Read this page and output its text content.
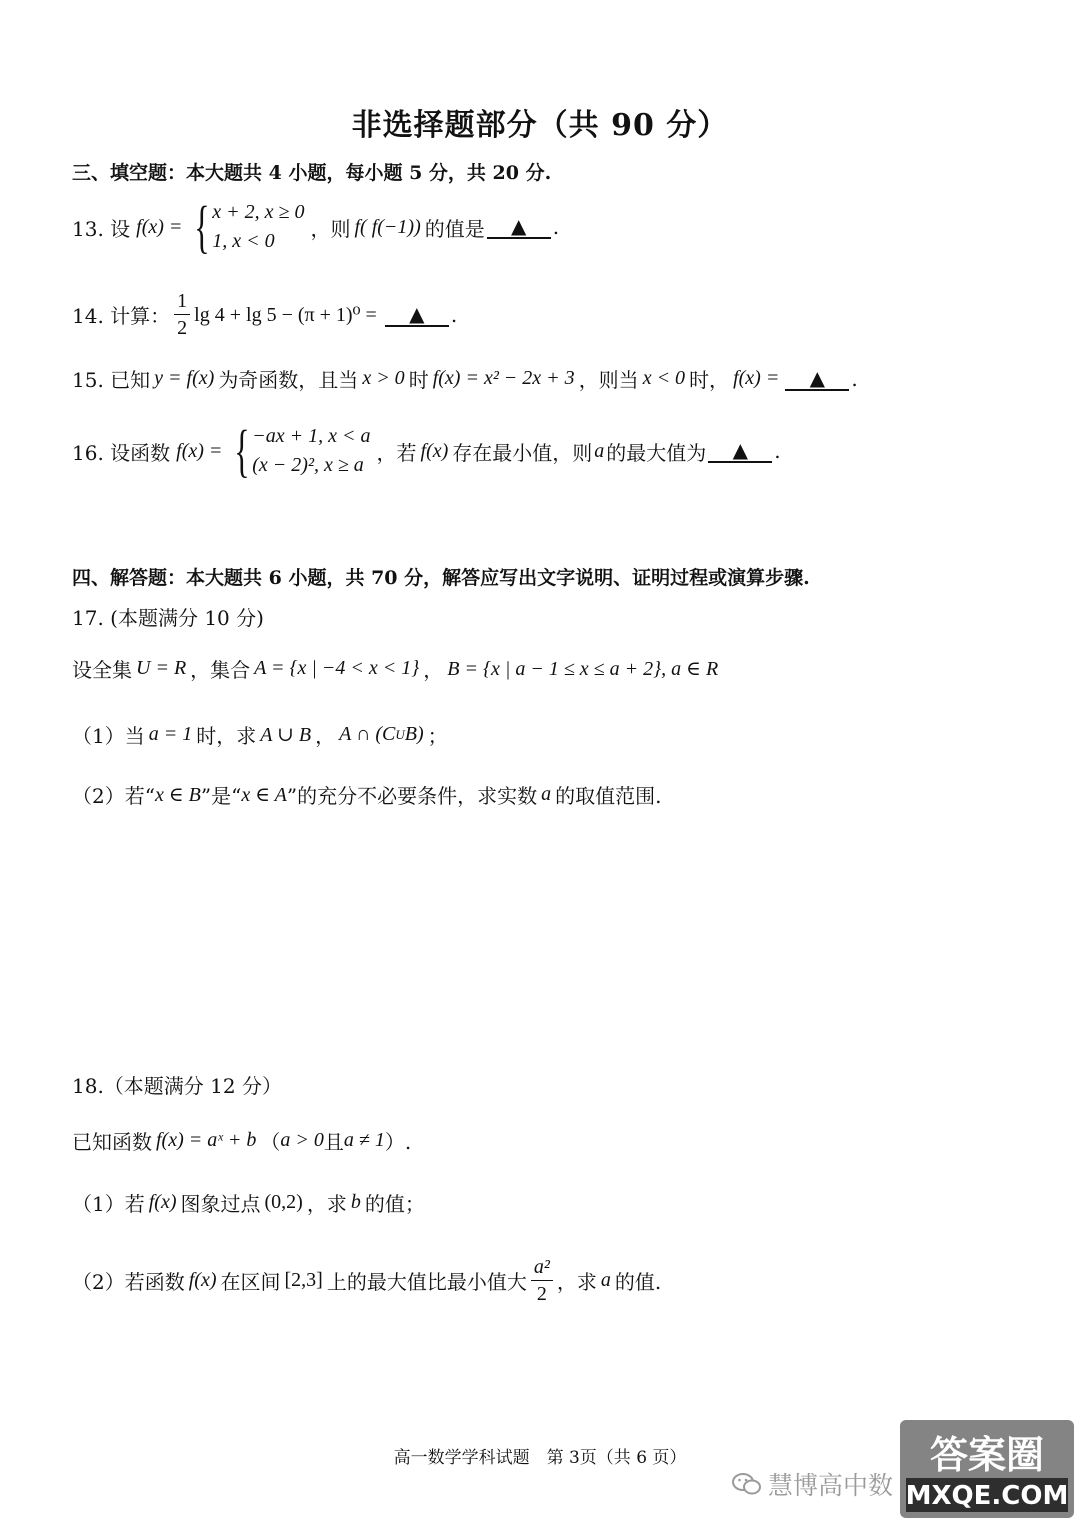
非选择题部分（共 90 分）
三、填空题：本大题共 4 小题，每小题 5 分，共 20 分.
13. 设 f(x) = { x + 2, x ≥ 0
1, x < 0
，则 f( f(−1)) 的值是	▲	.
14. 计算： $\frac{1}{2}$ lg 4 + lg 5 − (π + 1)⁰ =	▲	.
15. 已知 y = f(x) 为奇函数，且当 x > 0 时 f(x) = x² − 2x + 3 ，则当 x < 0 时， f(x) =	▲	.
16. 设函数 f(x) = { −ax + 1, x < a
(x − 2)², x ≥ a
，若 f(x) 存在最小值，则 a 的最大值为	▲	.
四、解答题：本大题共 6 小题，共 70 分，解答应写出文字说明、证明过程或演算步骤.
17. (本题满分 10 分)
设全集 U = R ，集合 A = {x | −4 < x < 1} ， B = {x | a − 1 ≤ x ≤ a + 2}, a ∈ R
（1）当 a = 1 时，求 A ∪ B ， A ∩ (C U B) ；
（2）若“ x ∈ B ”是“ x ∈ A ”的充分不必要条件，求实数 a 的取值范围.
18.（本题满分 12 分）
已知函数 f(x) = aˣ + b （ a > 0 且 a ≠ 1 ）.
（1）若 f(x) 图象过点 (0,2) ，求 b 的值；
（2）若函数 f(x) 在区间 [2,3] 上的最大值比最小值大 $\frac{\text{a²}}{2}$ ，求 a 的值.
高一数学学科试题　第 3页（共 6 页）
慧博高中数
答案圈
MXQE.COM
